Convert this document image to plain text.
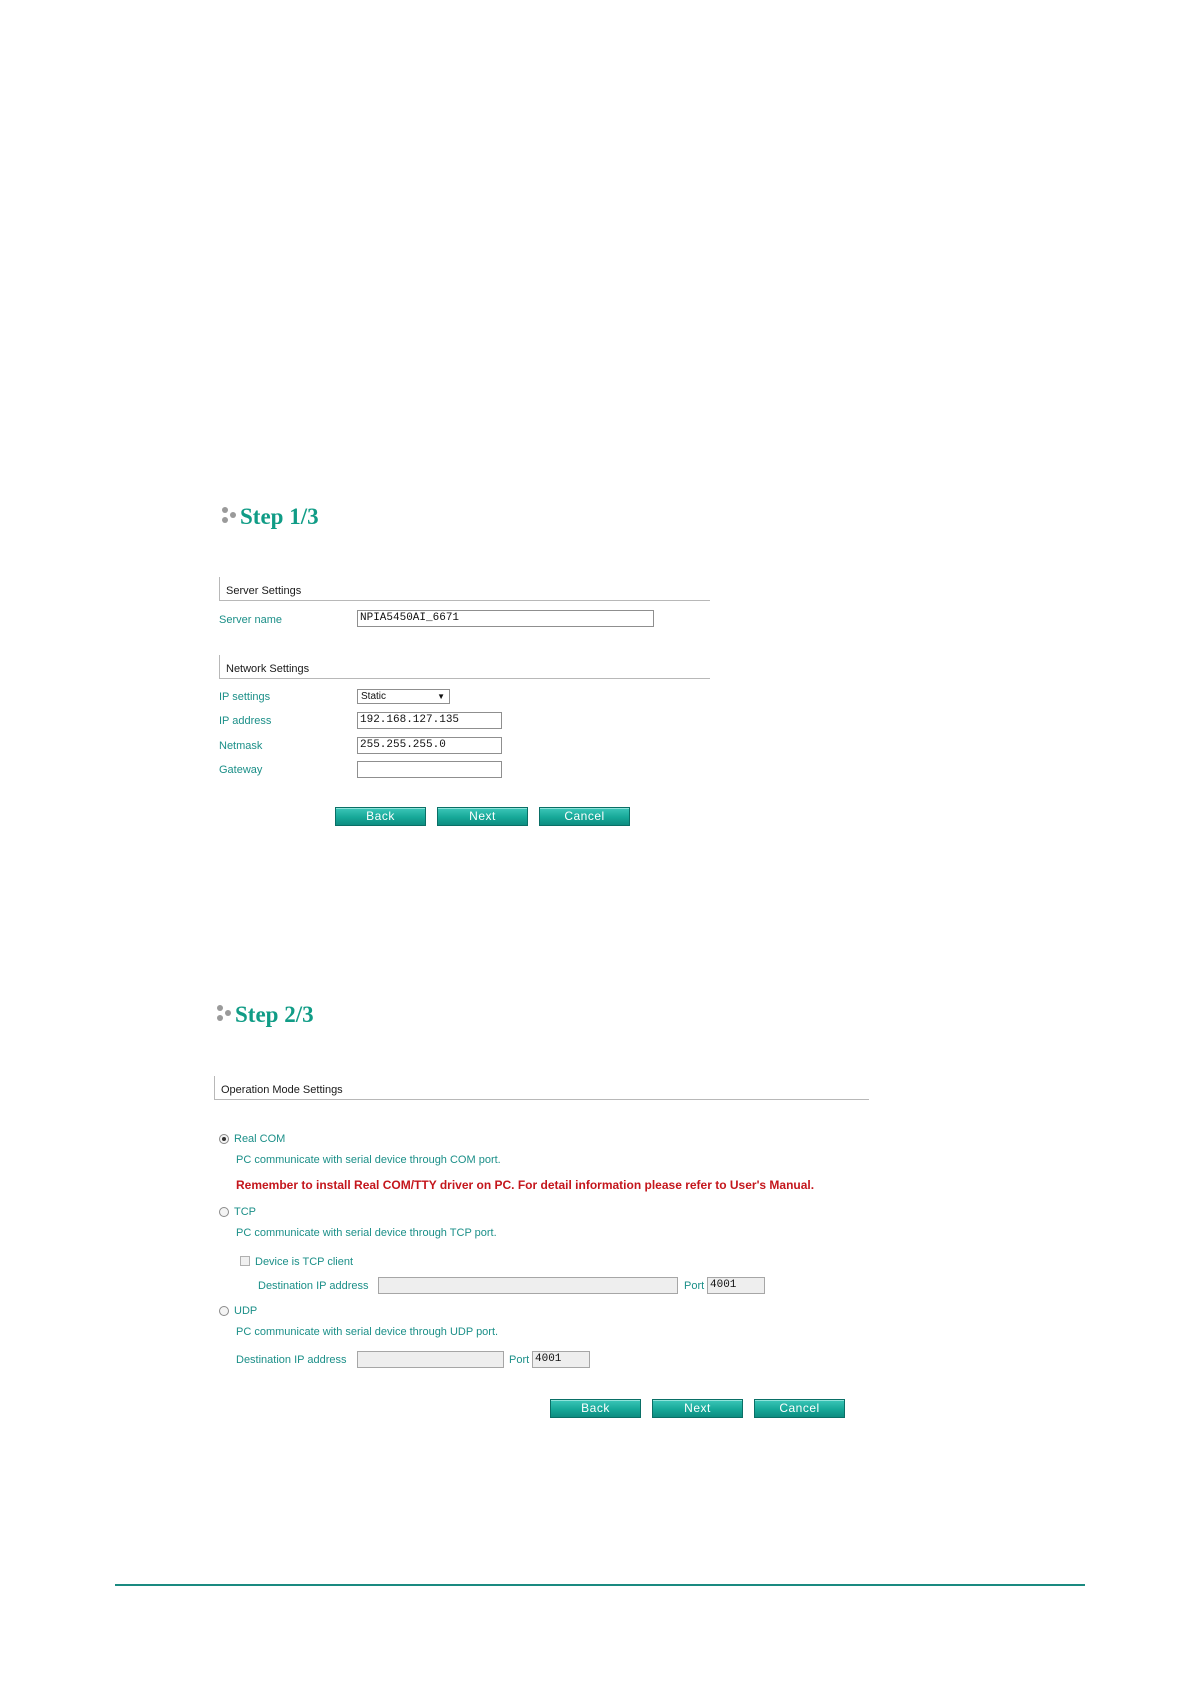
Step 1/3
Server Settings
Server name	NPIA5450AI_6671
Network Settings
IP settings	Static	▼
IP address	192.168.127.135
Netmask	255.255.255.0
Gateway
Back	Next	Cancel
Step 2/3
Operation Mode Settings
Real COM
PC communicate with serial device through COM port.
Remember to install Real COM/TTY driver on PC. For detail information please refer to User's Manual.
TCP
PC communicate with serial device through TCP port.
Device is TCP client
Destination IP address	Port 4001
UDP
PC communicate with serial device through UDP port.
Destination IP address	Port 4001
Back	Next	Cancel
